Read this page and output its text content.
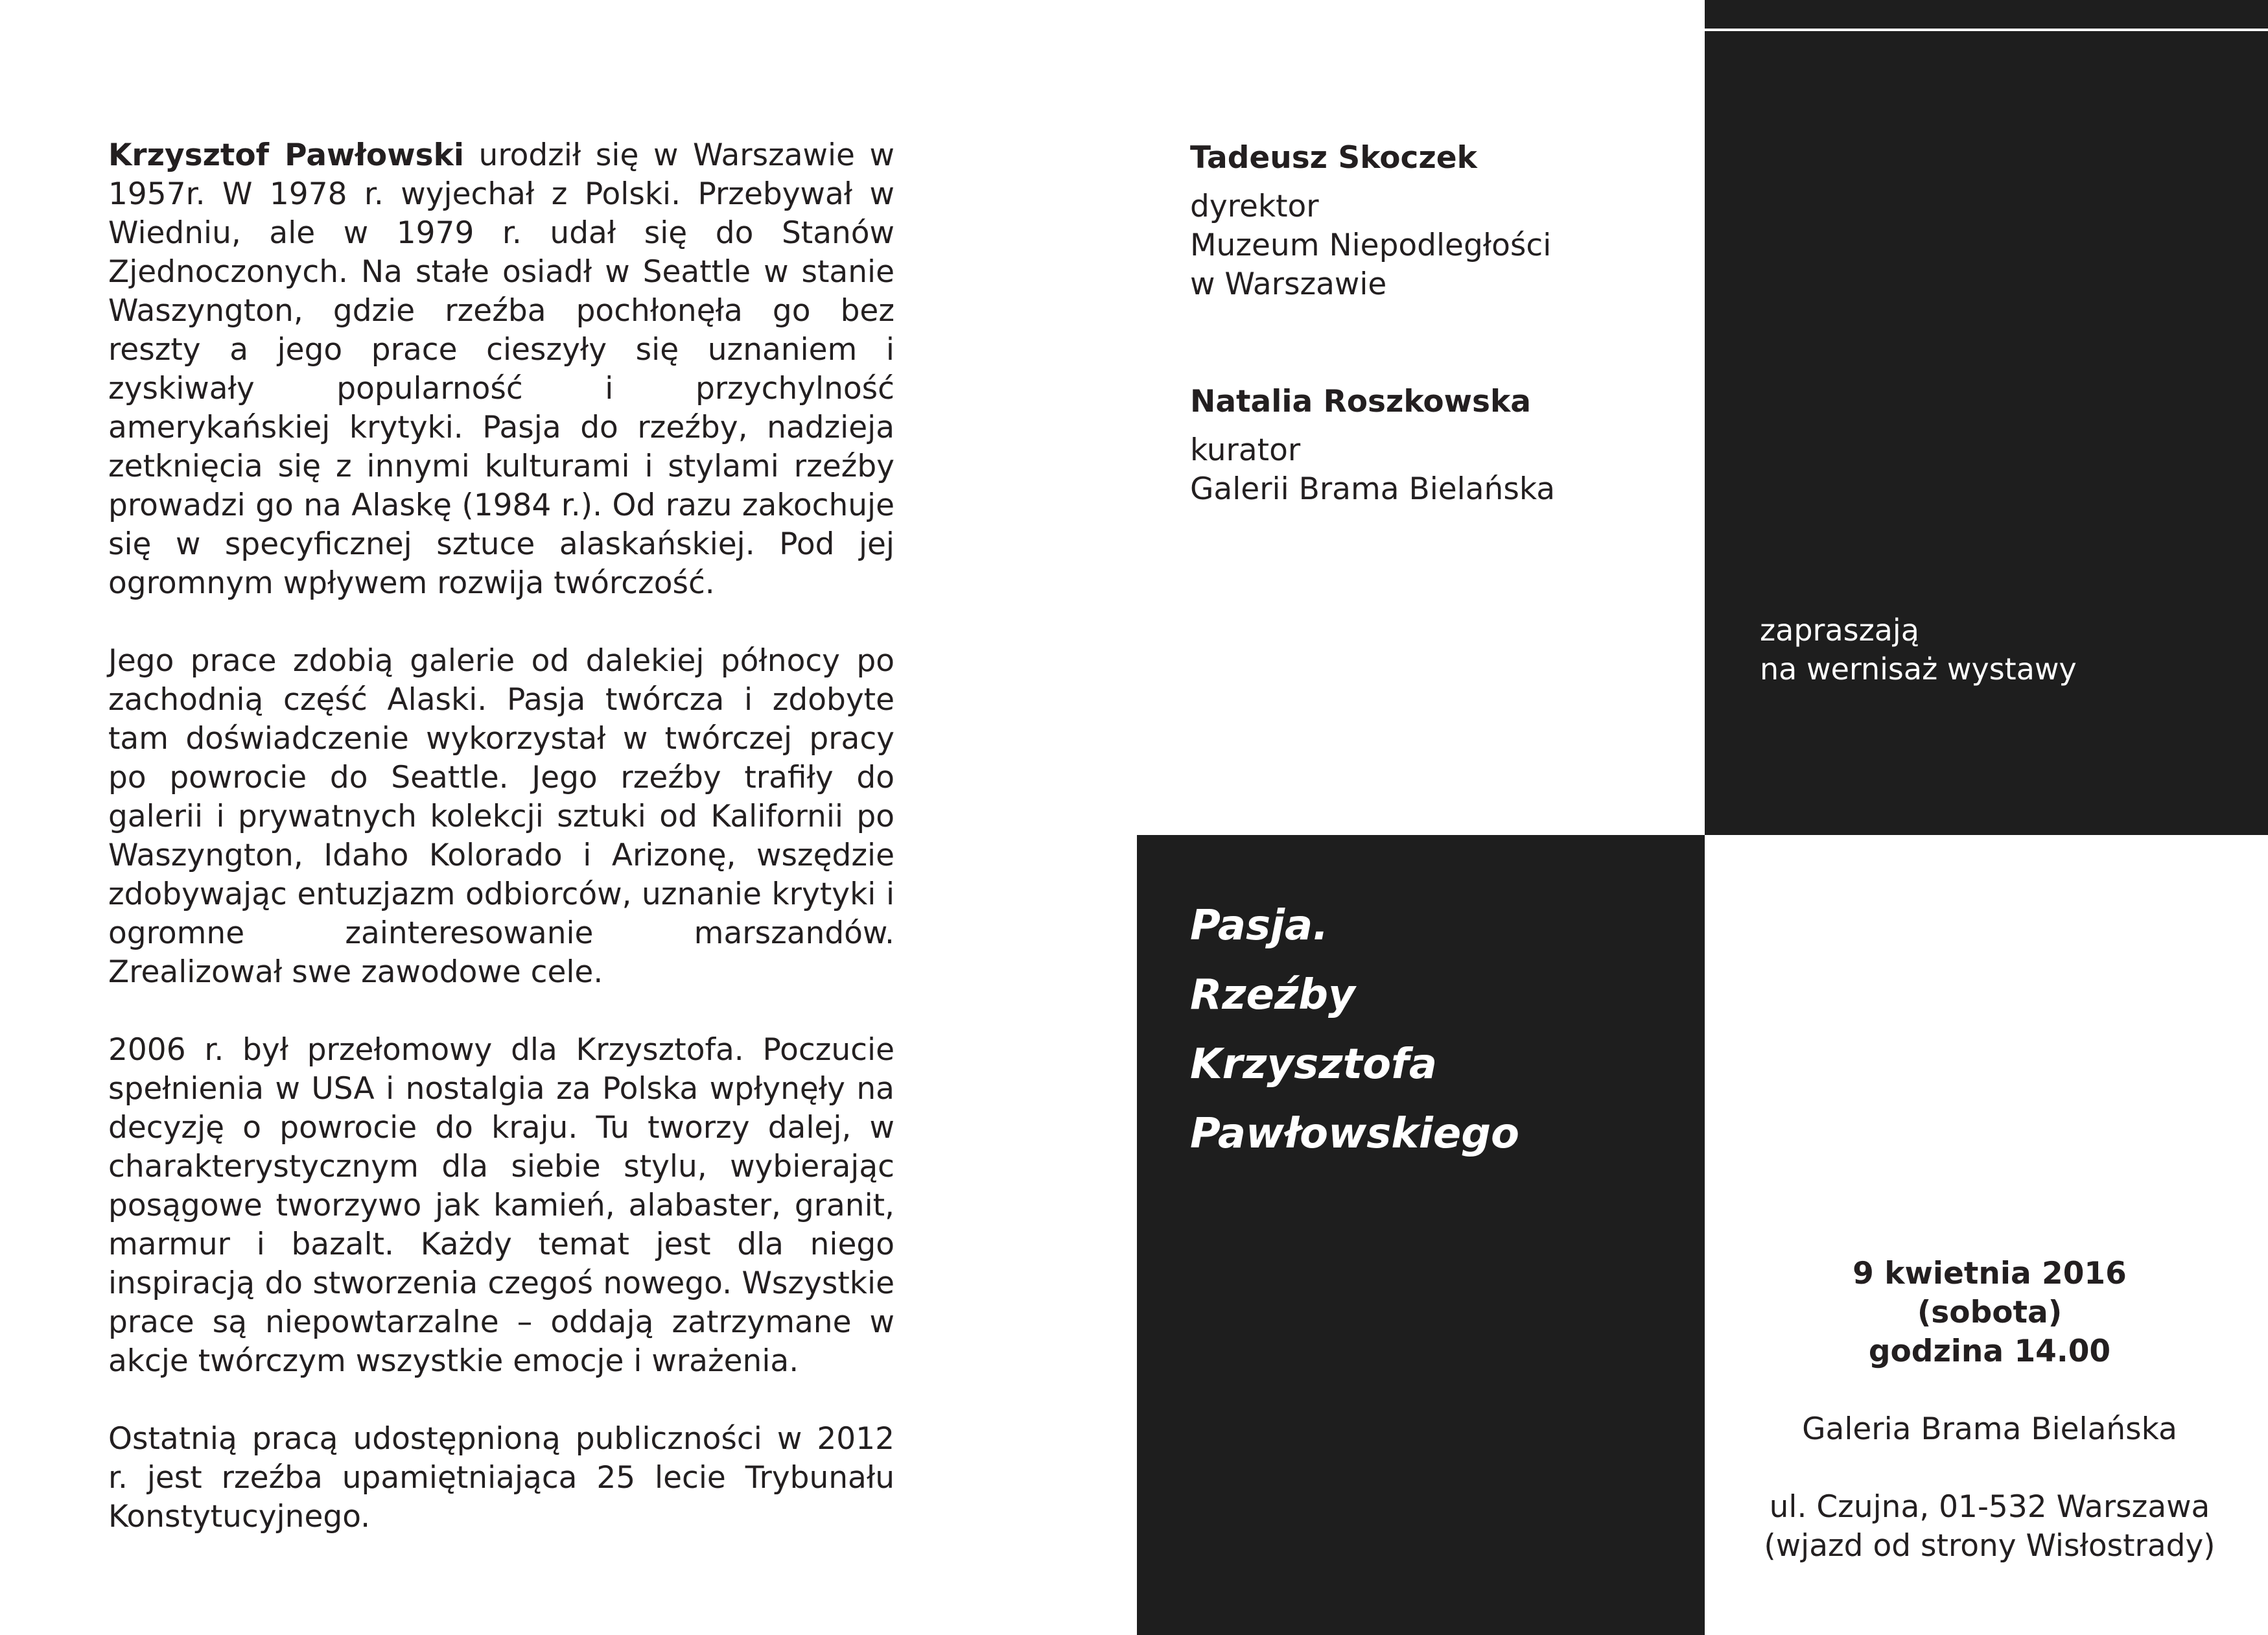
Krzysztof Pawłowski urodził się w Warszawie w 1957r. W 1978 r. wyjechał z Polski. Przebywał w Wiedniu, ale w 1979 r. udał się do Stanów Zjednoczonych. Na stałe osiadł w Seattle w stanie Waszyngton, gdzie rzeźba pochłonęła go bez reszty a jego prace cieszyły się uznaniem i zyskiwały popularność i przychylność amerykańskiej krytyki. Pasja do rzeźby, nadzieja zetknięcia się z innymi kulturami i stylami rzeźby prowadzi go na Alaskę (1984 r.). Od razu zakochuje się w specyficznej sztuce alaskańskiej. Pod jej ogromnym wpływem rozwija twórczość.

Jego prace zdobią galerie od dalekiej północy po zachodnią część Alaski. Pasja twórcza i zdobyte tam doświadczenie wykorzystał w twórczej pracy po powrocie do Seattle. Jego rzeźby trafiły do galerii i prywatnych kolekcji sztuki od Kalifornii po Waszyngton, Idaho Kolorado i Arizonę, wszędzie zdobywając entuzjazm odbiorców, uznanie krytyki i ogromne zainteresowanie marszandów. Zrealizował swe zawodowe cele.

2006 r. był przełomowy dla Krzysztofa. Poczucie spełnienia w USA i nostalgia za Polska wpłynęły na decyzję o powrocie do kraju. Tu tworzy dalej, w charakterystycznym dla siebie stylu, wybierając posągowe tworzywo jak kamień, alabaster, granit, marmur i bazalt. Każdy temat jest dla niego inspiracją do stworzenia czegoś nowego. Wszystkie prace są niepowtarzalne – oddają zatrzymane w akcje twórczym wszystkie emocje i wrażenia.

Ostatnią pracą udostępnioną publiczności w 2012 r. jest rzeźba upamiętniająca 25 lecie Trybunału Konstytucyjnego.

Tadeusz Skoczek
dyrektor
Muzeum Niepodległości
w Warszawie
Natalia Roszkowska
kurator
Galerii Brama Bielańska
zapraszają
na wernisaż wystawy
Pasja.
Rzeźby
Krzysztofa
Pawłowskiego
9 kwietnia 2016
(sobota)
godzina 14.00
Galeria Brama Bielańska
ul. Czujna, 01-532 Warszawa
(wjazd od strony Wisłostrady)
